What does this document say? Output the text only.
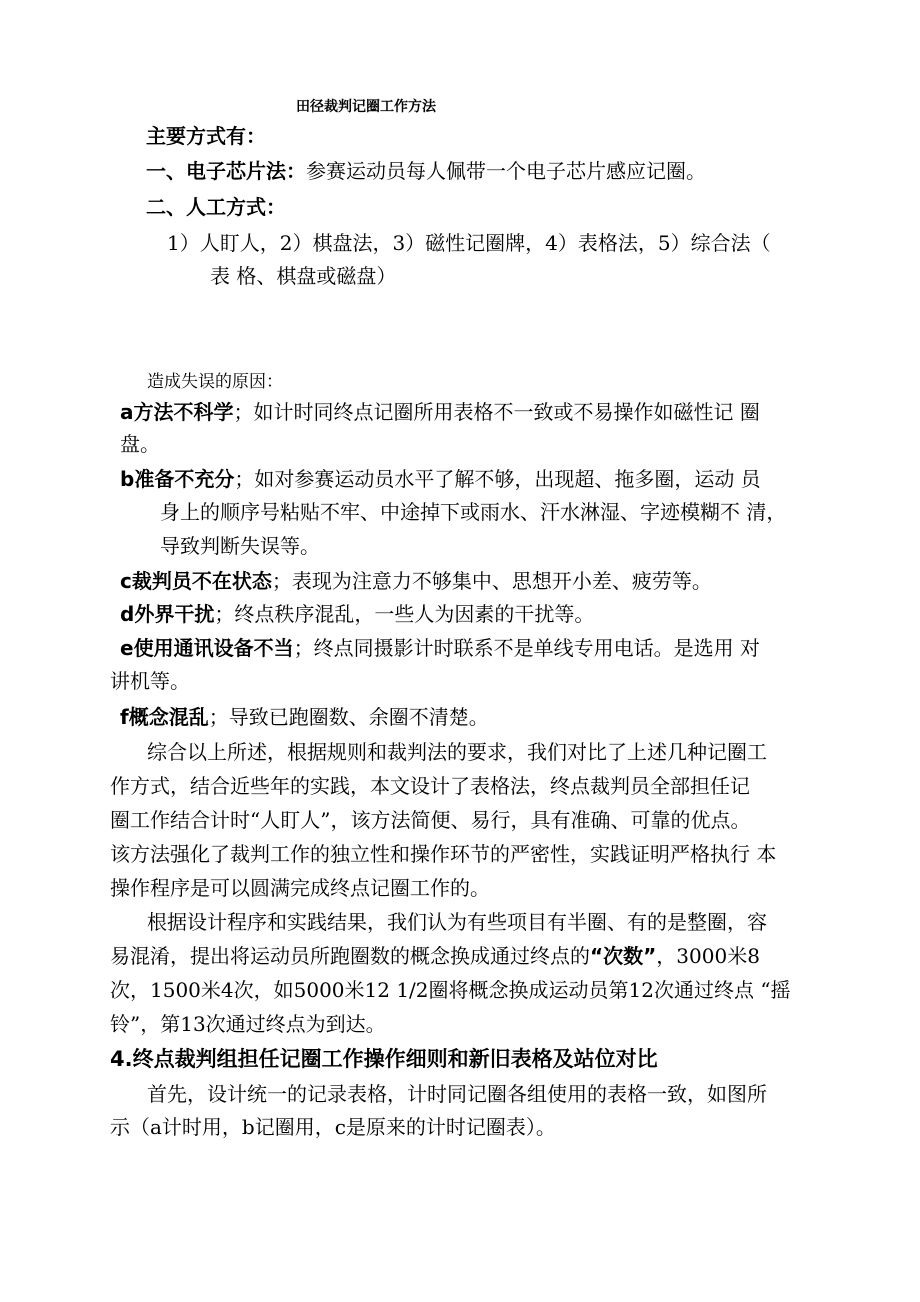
田径裁判记圈工作方法
主要方式有：
一、电子芯片法：参赛运动员每人佩带一个电子芯片感应记圈。
二、人工方式：
1）人盯人，2）棋盘法，3）磁性记圈牌，4）表格法，5）综合法（
表 格、棋盘或磁盘）
造成失误的原因：
a方法不科学；如计时同终点记圈所用表格不一致或不易操作如磁性记 圈
盘。
b准备不充分；如对参赛运动员水平了解不够，出现超、拖多圈，运动 员
身上的顺序号粘贴不牢、中途掉下或雨水、汗水淋湿、字迹模糊不 清，
导致判断失误等。
c裁判员不在状态；表现为注意力不够集中、思想开小差、疲劳等。
d外界干扰；终点秩序混乱，一些人为因素的干扰等。
e使用通讯设备不当；终点同摄影计时联系不是单线专用电话。是选用 对
讲机等。
f概念混乱；导致已跑圈数、余圈不清楚。
综合以上所述，根据规则和裁判法的要求，我们对比了上述几种记圈工
作方式，结合近些年的实践，本文设计了表格法，终点裁判员全部担任记
圈工作结合计时“人盯人”，该方法简便、易行，具有准确、可靠的优点。
该方法强化了裁判工作的独立性和操作环节的严密性，实践证明严格执行 本
操作程序是可以圆满完成终点记圈工作的。
根据设计程序和实践结果，我们认为有些项目有半圈、有的是整圈，容
易混淆，提出将运动员所跑圈数的概念换成通过终点的“次数”，3000米8
次，1500米4次，如5000米12 1/2圈将概念换成运动员第12次通过终点 “摇
铃”，第13次通过终点为到达。
4.终点裁判组担任记圈工作操作细则和新旧表格及站位对比
首先，设计统一的记录表格，计时同记圈各组使用的表格一致，如图所
示（a计时用，b记圈用，c是原来的计时记圈表）。
